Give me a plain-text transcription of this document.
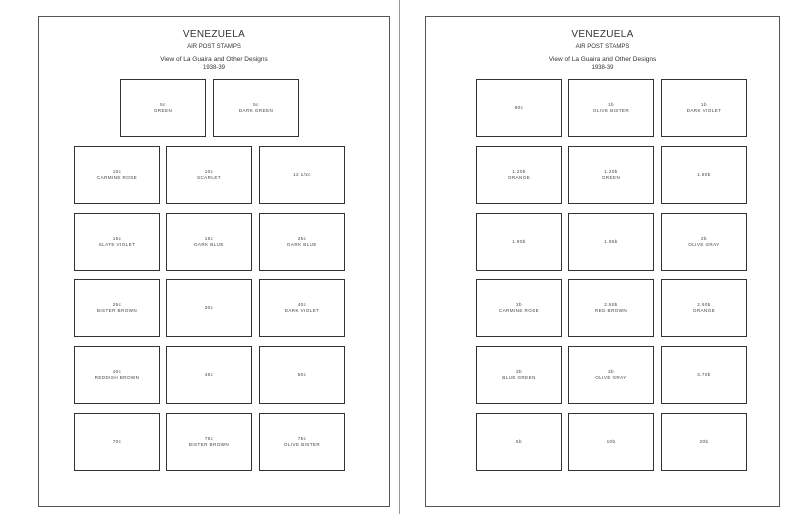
VENEZUELA
AIR POST STAMPS
View of La Guaira and Other Designs
1938-39
5c
GREEN
5c
DARK GREEN
10c
CARMINE ROSE
10c
SCARLET
12 1/2c
15c
SLATE VIOLET
15c
DARK BLUE
25c
DARK BLUE
25c
BISTER BROWN
30c
40c
DARK VIOLET
40c
REDDISH BROWN
45c	50c
70c
75c
BISTER BROWN
75c
OLIVE BISTER
VENEZUELA
AIR POST STAMPS
View of La Guaira and Other Designs
1938-39
90c
1b
OLIVE BISTER
1b
DARK VIOLET
1.20b
ORANGE
1.20b
GREEN
1.80b
1.90b	1.95b
2b
OLIVE GRAY
2b
CARMINE ROSE
2.50b
RED BROWN
2.50b
ORANGE
3b
BLUE GREEN
3b
OLIVE GRAY
3.70b
5b	10b	20b
